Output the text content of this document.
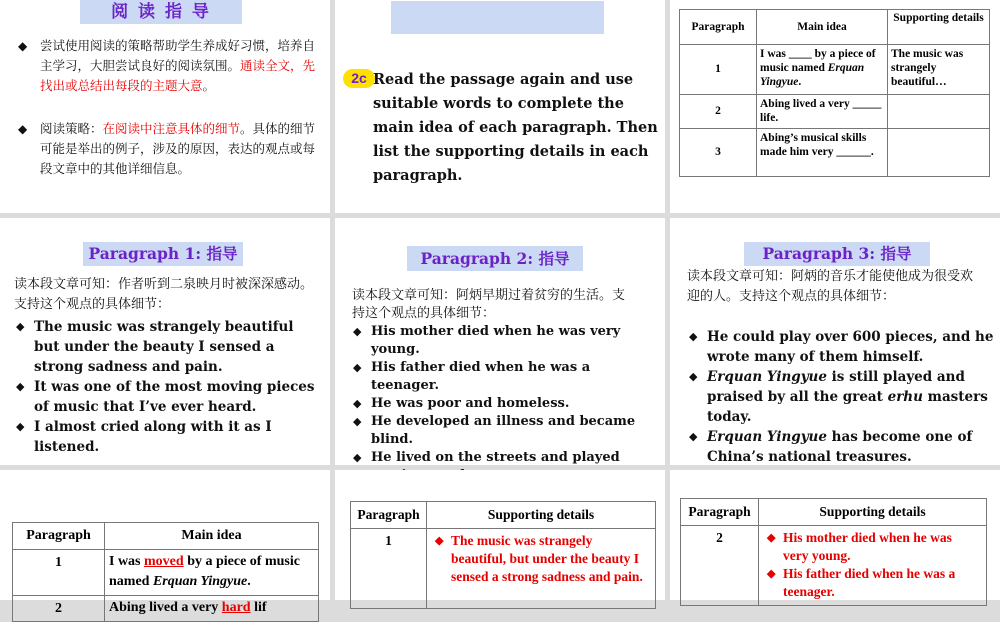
阅 读 指 导
◆	尝试使用阅读的策略帮助学生养成好习惯，培养自主学习，大胆尝试良好的阅读氛围。通读全文，先找出或总结出每段的主题大意。
◆	阅读策略：在阅读中注意具体的细节。具体的细节可能是举出的例子，涉及的原因，表达的观点或每段文章中的其他详细信息。
2c Read the passage again and use suitable words to complete the main idea of each paragraph. Then list the supporting details in each paragraph.
Paragraph	Main idea	Supporting details
1	I was ____ by a piece of music named Erquan Yingyue.	The music was strangely beautiful…
2	Abing lived a very _____ life.	
3	Abing’s musical skills made him very ______.	
Paragraph 1: 指导
读本段文章可知：作者听到二泉映月时被深深感动。支持这个观点的具体细节：
◆ The music was strangely beautiful but under the beauty I sensed a strong sadness and pain.
◆ It was one of the most moving pieces of music that I’ve ever heard.
◆ I almost cried along with it as I listened.
Paragraph 2: 指导
读本段文章可知：阿炳早期过着贫穷的生活。支持这个观点的具体细节：
◆ His mother died when he was very young.
◆ His father died when he was a teenager.
◆ He was poor and homeless.
◆ He developed an illness and became blind.
◆ He lived on the streets and played
Paragraph 3: 指导
读本段文章可知：阿炳的音乐才能使他成为很受欢迎的人。支持这个观点的具体细节：
◆ He could play over 600 pieces, and he wrote many of them himself.
◆ Erquan Yingyue is still played and praised by all the great erhu masters today.
◆ Erquan Yingyue has become one of China’s national treasures.
Paragraph	Main idea
1	I was moved by a piece of music named Erquan Yingyue.
2	Abing lived a very hard lif
Paragraph	Supporting details
1	◆ The music was strangely beautiful, but under the beauty I sensed a strong sadness and pain.
Paragraph	Supporting details
2	◆ His mother died when he was very young.
◆ His father died when he was a teenager.
